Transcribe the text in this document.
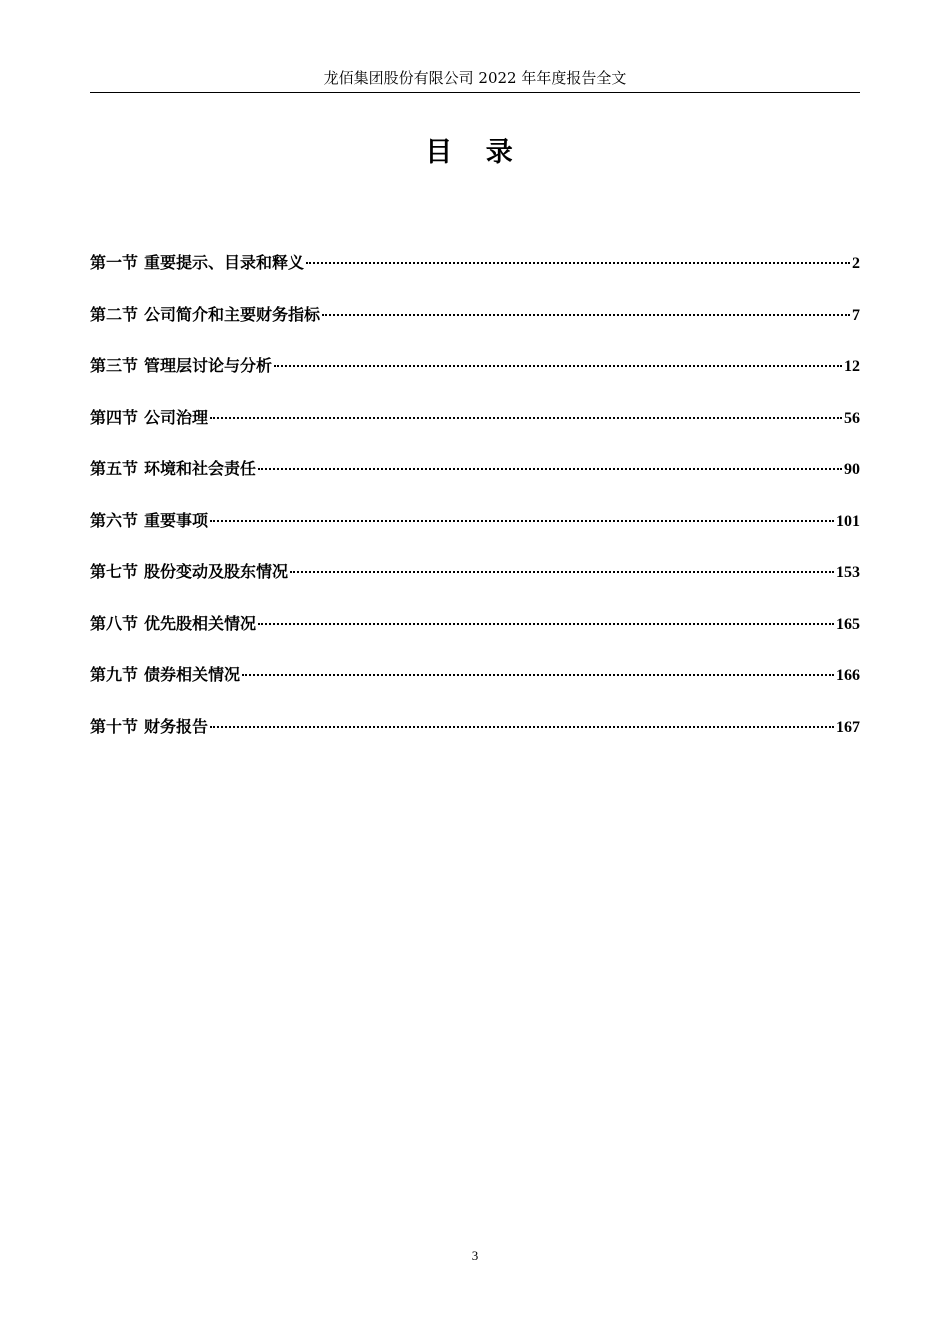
龙佰集团股份有限公司 2022 年年度报告全文
目 录
第一节 重要提示、目录和释义	2
第二节 公司简介和主要财务指标	7
第三节 管理层讨论与分析	12
第四节 公司治理	56
第五节 环境和社会责任	90
第六节 重要事项	101
第七节 股份变动及股东情况	153
第八节 优先股相关情况	165
第九节 债券相关情况	166
第十节 财务报告	167
3
